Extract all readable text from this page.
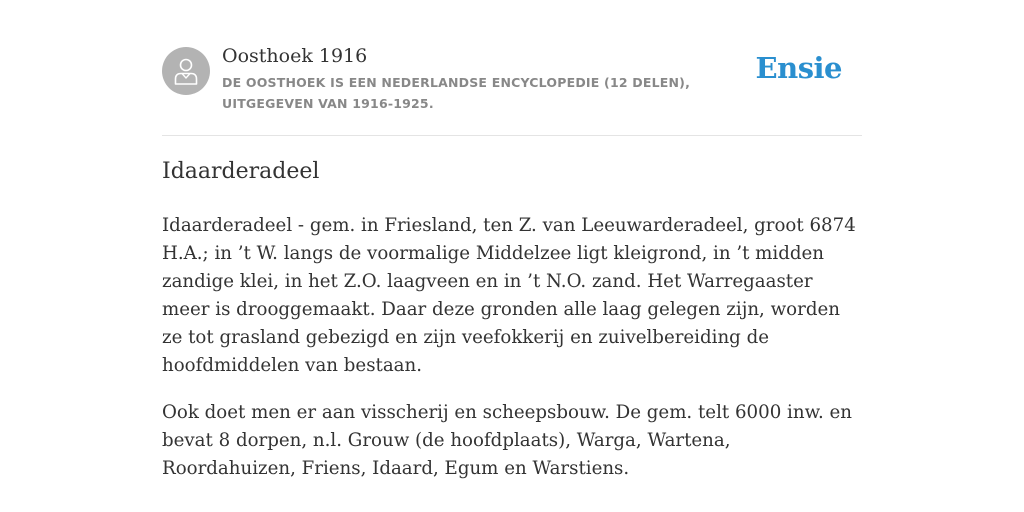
Oosthoek 1916
DE OOSTHOEK IS EEN NEDERLANDSE ENCYCLOPEDIE (12 DELEN), UITGEGEVEN VAN 1916-1925.
Ensie
Idaarderadeel

Idaarderadeel - gem. in Friesland, ten Z. van Leeuwarderadeel, groot 6874 H.A.; in ’t W. langs de voormalige Middelzee ligt kleigrond, in ’t midden zandige klei, in het Z.O. laagveen en in ’t N.O. zand. Het Warregaaster meer is drooggemaakt. Daar deze gronden alle laag gelegen zijn, worden ze tot grasland gebezigd en zijn veefokkerij en zuivelbereiding de hoofdmiddelen van bestaan.

Ook doet men er aan visscherij en scheepsbouw. De gem. telt 6000 inw. en bevat 8 dorpen, n.l. Grouw (de hoofdplaats), Warga, Wartena, Roordahuizen, Friens, Idaard, Egum en Warstiens.
